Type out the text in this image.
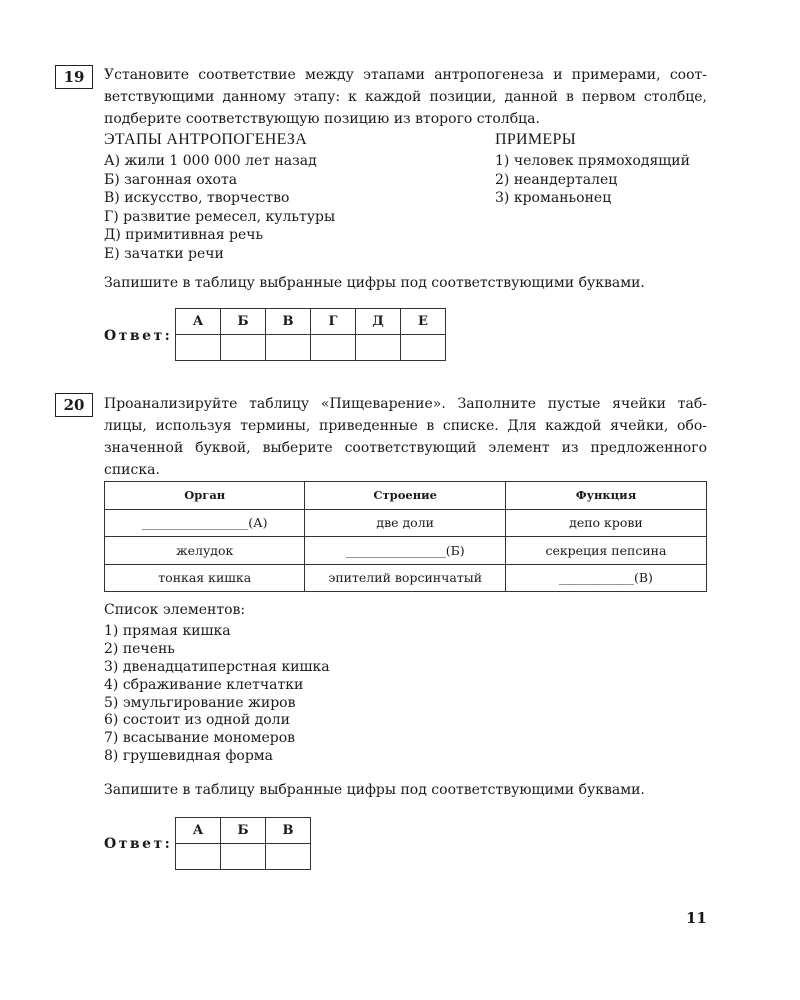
19	Установите соответствие между этапами антропогенеза и примерами, соот-
ветствующими данному этапу: к каждой позиции, данной в первом столбце,
подберите соответствующую позицию из второго столбца.
ЭТАПЫ АНТРОПОГЕНЕЗА
А) жили 1 000 000 лет назад
Б) загонная охота
В) искусство, творчество
Г) развитие ремесел, культуры
Д) примитивная речь
Е) зачатки речи
ПРИМЕРЫ
1) человек прямоходящий
2) неандерталец
3) кроманьонец
Запишите в таблицу выбранные цифры под соответствующими буквами.
Ответ:
А	Б	В	Г	Д	Е

20	Проанализируйте таблицу «Пищеварение». Заполните пустые ячейки таб-
лицы, используя термины, приведенные в списке. Для каждой ячейки, обо-
значенной буквой, выберите соответствующий элемент из предложенного
списка.
Орган	Строение	Функция
_________________(А)	две доли	депо крови
желудок	________________(Б)	секреция пепсина
тонкая кишка	эпителий ворсинчатый	____________(В)
Список элементов:
1) прямая кишка
2) печень
3) двенадцатиперстная кишка
4) сбраживание клетчатки
5) эмульгирование жиров
6) состоит из одной доли
7) всасывание мономеров
8) грушевидная форма
Запишите в таблицу выбранные цифры под соответствующими буквами.
Ответ:
А	Б	В

11
